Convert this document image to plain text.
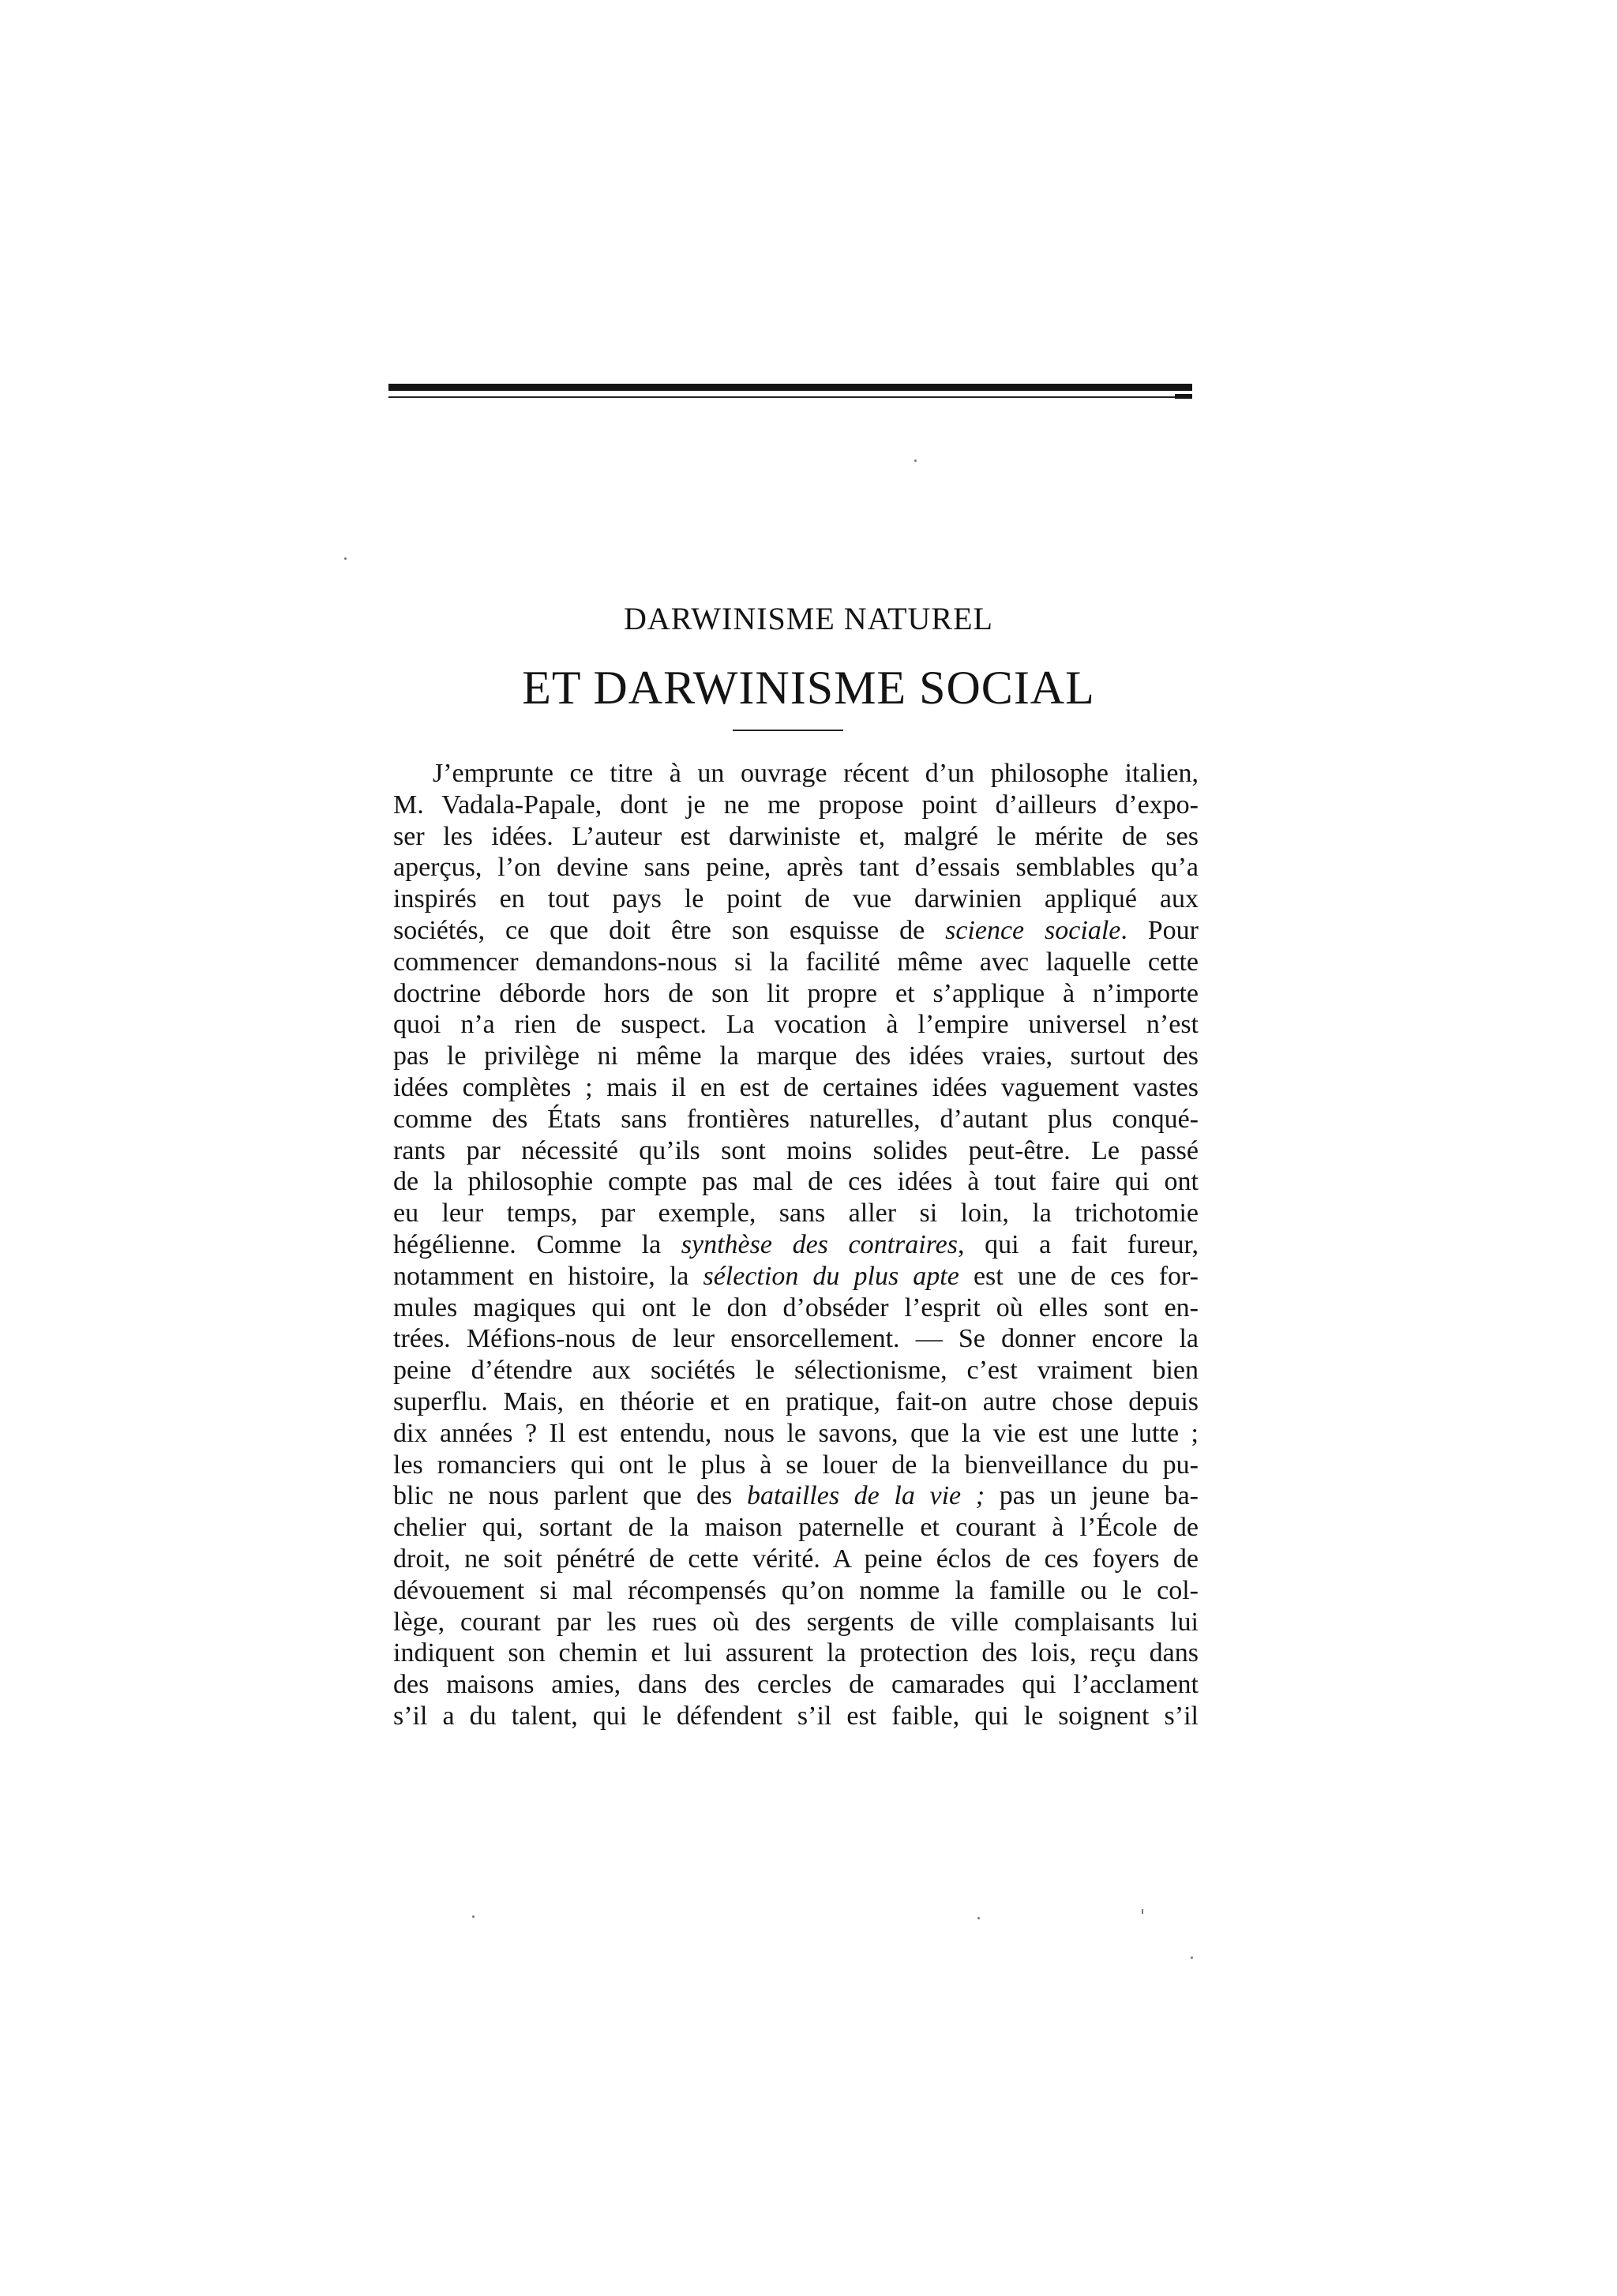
DARWINISME NATUREL
ET DARWINISME SOCIAL
J’emprunte ce titre à un ouvrage récent d’un philosophe italien,
M. Vadala-Papale, dont je ne me propose point d’ailleurs d’expo-
ser les idées. L’auteur est darwiniste et, malgré le mérite de ses
aperçus, l’on devine sans peine, après tant d’essais semblables qu’a
inspirés en tout pays le point de vue darwinien appliqué aux
sociétés, ce que doit être son esquisse de science sociale. Pour
commencer demandons-nous si la facilité même avec laquelle cette
doctrine déborde hors de son lit propre et s’applique à n’importe
quoi n’a rien de suspect. La vocation à l’empire universel n’est
pas le privilège ni même la marque des idées vraies, surtout des
idées complètes ; mais il en est de certaines idées vaguement vastes
comme des États sans frontières naturelles, d’autant plus conqué-
rants par nécessité qu’ils sont moins solides peut-être. Le passé
de la philosophie compte pas mal de ces idées à tout faire qui ont
eu leur temps, par exemple, sans aller si loin, la trichotomie
hégélienne. Comme la synthèse des contraires, qui a fait fureur,
notamment en histoire, la sélection du plus apte est une de ces for-
mules magiques qui ont le don d’obséder l’esprit où elles sont en-
trées. Méfions-nous de leur ensorcellement. — Se donner encore la
peine d’étendre aux sociétés le sélectionisme, c’est vraiment bien
superflu. Mais, en théorie et en pratique, fait-on autre chose depuis
dix années ? Il est entendu, nous le savons, que la vie est une lutte ;
les romanciers qui ont le plus à se louer de la bienveillance du pu-
blic ne nous parlent que des batailles de la vie ; pas un jeune ba-
chelier qui, sortant de la maison paternelle et courant à l’École de
droit, ne soit pénétré de cette vérité. A peine éclos de ces foyers de
dévouement si mal récompensés qu’on nomme la famille ou le col-
lège, courant par les rues où des sergents de ville complaisants lui
indiquent son chemin et lui assurent la protection des lois, reçu dans
des maisons amies, dans des cercles de camarades qui l’acclament
s’il a du talent, qui le défendent s’il est faible, qui le soignent s’il
